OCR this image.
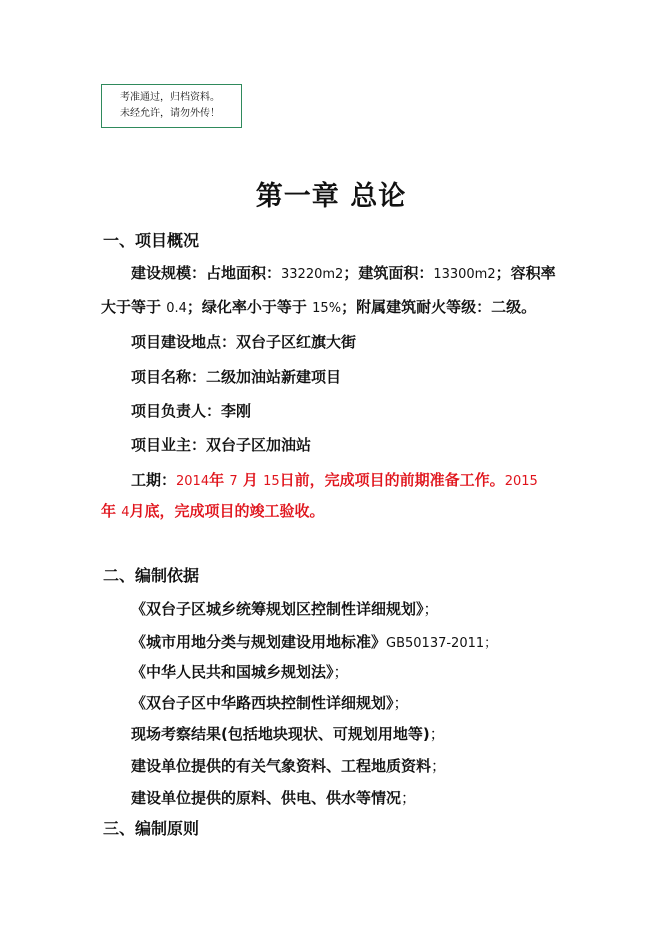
考准通过，归档资料。
未经允许，请勿外传！
第一章 总论
一、项目概况
建设规模：占地面积：33220m2；建筑面积：13300m2；容积率
大于等于 0.4；绿化率小于等于 15%；附属建筑耐火等级：二级。
项目建设地点：双台子区红旗大街
项目名称：二级加油站新建项目
项目负责人：李刚
项目业主：双台子区加油站
工期：2014年 7 月 15日前，完成项目的前期准备工作。2015
年 4月底，完成项目的竣工验收。
二、编制依据
《双台子区城乡统筹规划区控制性详细规划》；
《城市用地分类与规划建设用地标准》GB50137-2011；
《中华人民共和国城乡规划法》；
《双台子区中华路西块控制性详细规划》；
现场考察结果(包括地块现状、可规划用地等)；
建设单位提供的有关气象资料、工程地质资料；
建设单位提供的原料、供电、供水等情况；
三、编制原则
